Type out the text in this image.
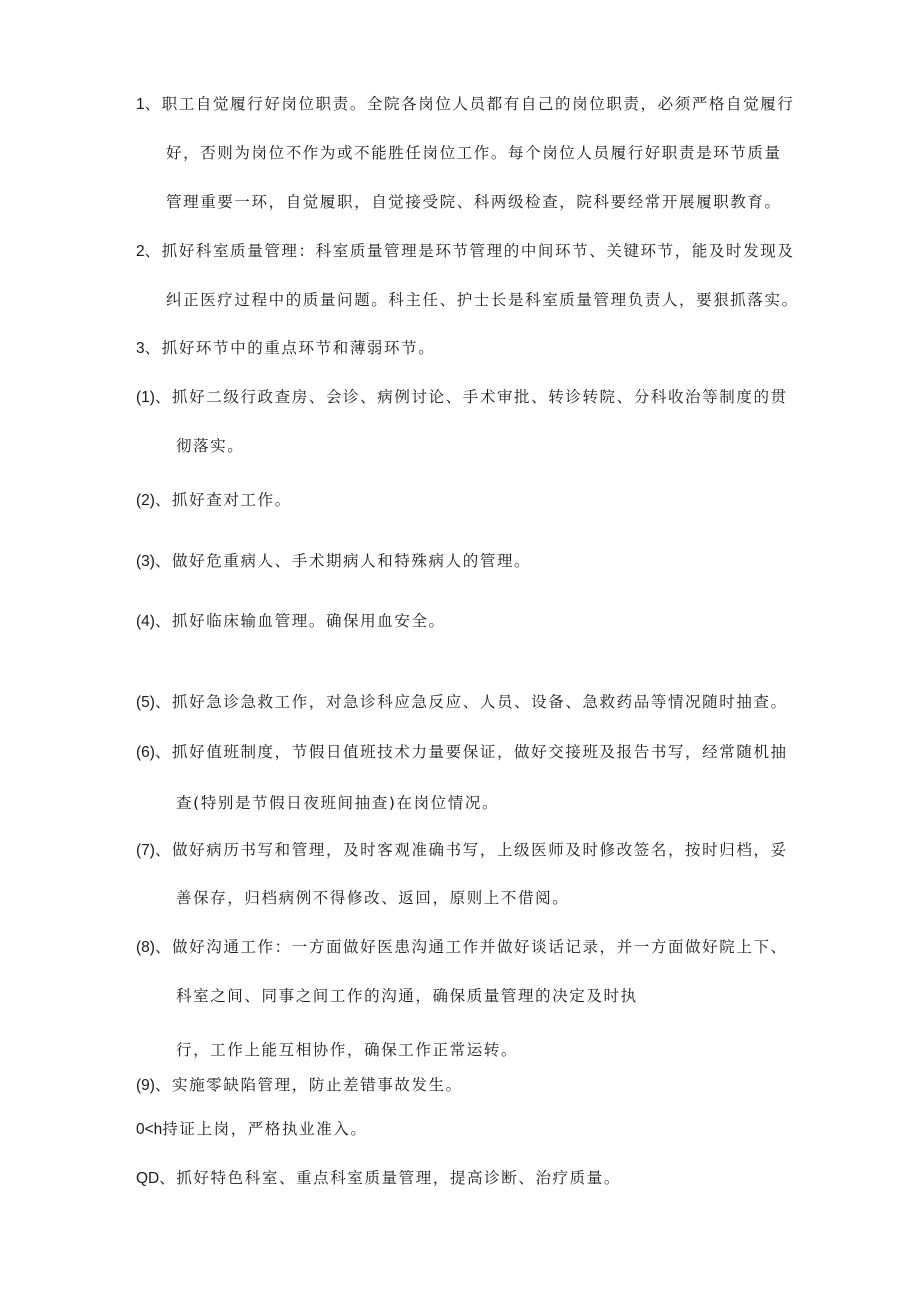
1、职工自觉履行好岗位职责。全院各岗位人员都有自己的岗位职责，必须严格自觉履行
好，否则为岗位不作为或不能胜任岗位工作。每个岗位人员履行好职责是环节质量
管理重要一环，自觉履职，自觉接受院、科两级检查，院科要经常开展履职教育。
2、抓好科室质量管理：科室质量管理是环节管理的中间环节、关键环节，能及时发现及
纠正医疗过程中的质量问题。科主任、护士长是科室质量管理负责人，要狠抓落实。
3、抓好环节中的重点环节和薄弱环节。
(1)、抓好二级行政查房、会诊、病例讨论、手术审批、转诊转院、分科收治等制度的贯
彻落实。
(2)、抓好查对工作。
(3)、做好危重病人、手术期病人和特殊病人的管理。
(4)、抓好临床输血管理。确保用血安全。
(5)、抓好急诊急救工作，对急诊科应急反应、人员、设备、急救药品等情况随时抽查。
(6)、抓好值班制度，节假日值班技术力量要保证，做好交接班及报告书写，经常随机抽
查(特别是节假日夜班间抽查)在岗位情况。
(7)、做好病历书写和管理，及时客观准确书写，上级医师及时修改签名，按时归档，妥
善保存，归档病例不得修改、返回，原则上不借阅。
(8)、做好沟通工作：一方面做好医患沟通工作并做好谈话记录，并一方面做好院上下、
科室之间、同事之间工作的沟通，确保质量管理的决定及时执
行，工作上能互相协作，确保工作正常运转。
(9)、实施零缺陷管理，防止差错事故发生。
0<h持证上岗，严格执业准入。
QD、抓好特色科室、重点科室质量管理，提高诊断、治疗质量。
